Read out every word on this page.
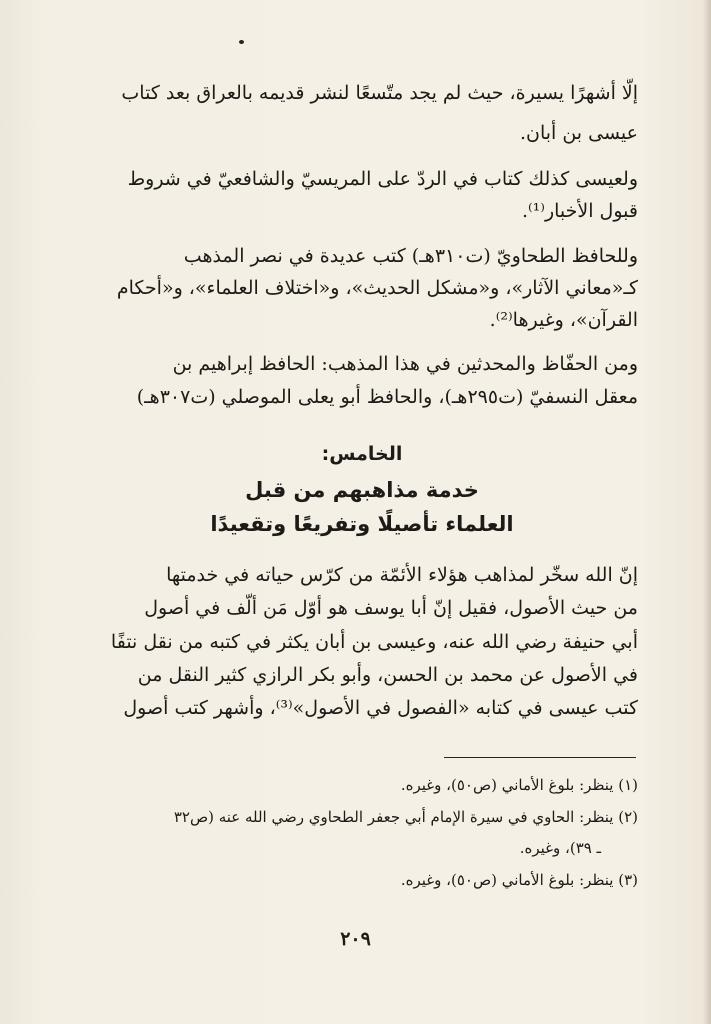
إلَّا أشهرًا يسيرة، حيث لم يجد متّسعًا لنشر قديمه بالعراق بعد كتاب
عيسى بن أبان.
ولعيسى كذلك كتاب في الردّ على المريسيّ والشافعيّ في شروط
قبول الأخبار⁽¹⁾.
وللحافظ الطحاويّ (ت٣١٠هـ) كتب عديدة في نصر المذهب
كـ«معاني الآثار»، و«مشكل الحديث»، و«اختلاف العلماء»، و«أحكام
القرآن»، وغيرها⁽²⁾.
ومن الحفّاظ والمحدثين في هذا المذهب: الحافظ إبراهيم بن
معقل النسفيّ (ت٢٩٥هـ)، والحافظ أبو يعلى الموصلي (ت٣٠٧هـ)
الخامس:
خدمة مذاهبهم من قبل
العلماء تأصيلًا وتفريعًا وتقعيدًا
إنّ الله سخّر لمذاهب هؤلاء الأئمّة من كرّس حياته في خدمتها
من حيث الأصول، فقيل إنّ أبا يوسف هو أوّل مَن ألّف في أصول
أبي حنيفة رضي الله عنه، وعيسى بن أبان يكثر في كتبه من نقل نتفًا
في الأصول عن محمد بن الحسن، وأبو بكر الرازي كثير النقل من
كتب عيسى في كتابه «الفصول في الأصول»⁽³⁾، وأشهر كتب أصول
(١) ينظر: بلوغ الأماني (ص٥٠)، وغيره.
(٢) ينظر: الحاوي في سيرة الإمام أبي جعفر الطحاوي رضي الله عنه (ص٣٢
ـ ٣٩)، وغيره.
(٣) ينظر: بلوغ الأماني (ص٥٠)، وغيره.
٢٠٩
